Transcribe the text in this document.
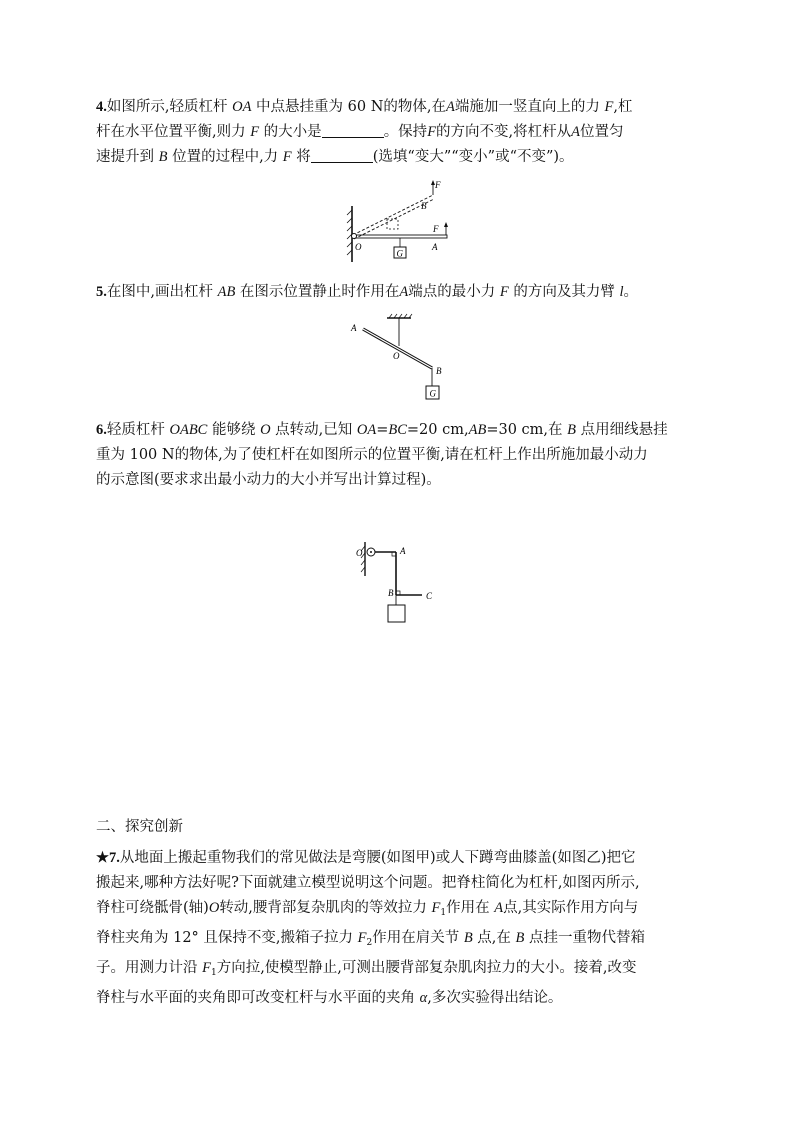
4.如图所示,轻质杠杆 OA 中点悬挂重为 60 N的物体,在A端施加一竖直向上的力 F,杠
杆在水平位置平衡,则力 F 的大小是	。保持F的方向不变,将杠杆从A位置匀
速提升到 B 位置的过程中,力 F 将	(选填“变大”“变小”或“不变”)。
G
F
B
F
O	A
5.在图中,画出杠杆 AB 在图示位置静止时作用在A端点的最小力 F 的方向及其力臂 l。
G
A
O
B
6.轻质杠杆 OABC 能够绕 O 点转动,已知 OA=BC=20 cm,AB=30 cm,在 B 点用细线悬挂
重为 100 N的物体,为了使杠杆在如图所示的位置平衡,请在杠杆上作出所施加最小动力
的示意图(要求求出最小动力的大小并写出计算过程)。
O	A
B	C
二、探究创新
★7.从地面上搬起重物我们的常见做法是弯腰(如图甲)或人下蹲弯曲膝盖(如图乙)把它
搬起来,哪种方法好呢?下面就建立模型说明这个问题。把脊柱简化为杠杆,如图丙所示,
脊柱可绕骶骨(轴)O转动,腰背部复杂肌肉的等效拉力 $F_1$作用在 A点,其实际作用方向与
脊柱夹角为 12° 且保持不变,搬箱子拉力 $F_2$作用在肩关节 B 点,在 B 点挂一重物代替箱
子。用测力计沿 $F_1$方向拉,使模型静止,可测出腰背部复杂肌肉拉力的大小。接着,改变
脊柱与水平面的夹角即可改变杠杆与水平面的夹角 α,多次实验得出结论。
